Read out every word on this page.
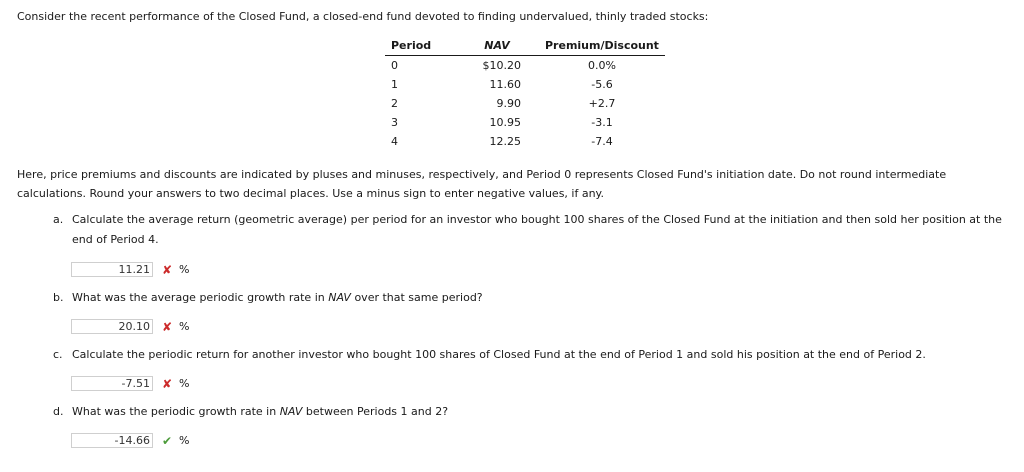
Consider the recent performance of the Closed Fund, a closed-end fund devoted to finding undervalued, thinly traded stocks:
Period	NAV	Premium/Discount
0	$10.20	0.0%
1	11.60	-5.6
2	9.90	+2.7
3	10.95	-3.1
4	12.25	-7.4
Here, price premiums and discounts are indicated by pluses and minuses, respectively, and Period 0 represents Closed Fund's initiation date. Do not round intermediate calculations. Round your answers to two decimal places. Use a minus sign to enter negative values, if any.
a. Calculate the average return (geometric average) per period for an investor who bought 100 shares of the Closed Fund at the initiation and then sold her position at the
end of Period 4.
11.21 ✘ %
b. What was the average periodic growth rate in NAV over that same period?
20.10 ✘ %
c. Calculate the periodic return for another investor who bought 100 shares of Closed Fund at the end of Period 1 and sold his position at the end of Period 2.
-7.51 ✘ %
d. What was the periodic growth rate in NAV between Periods 1 and 2?
-14.66 ✔ %
